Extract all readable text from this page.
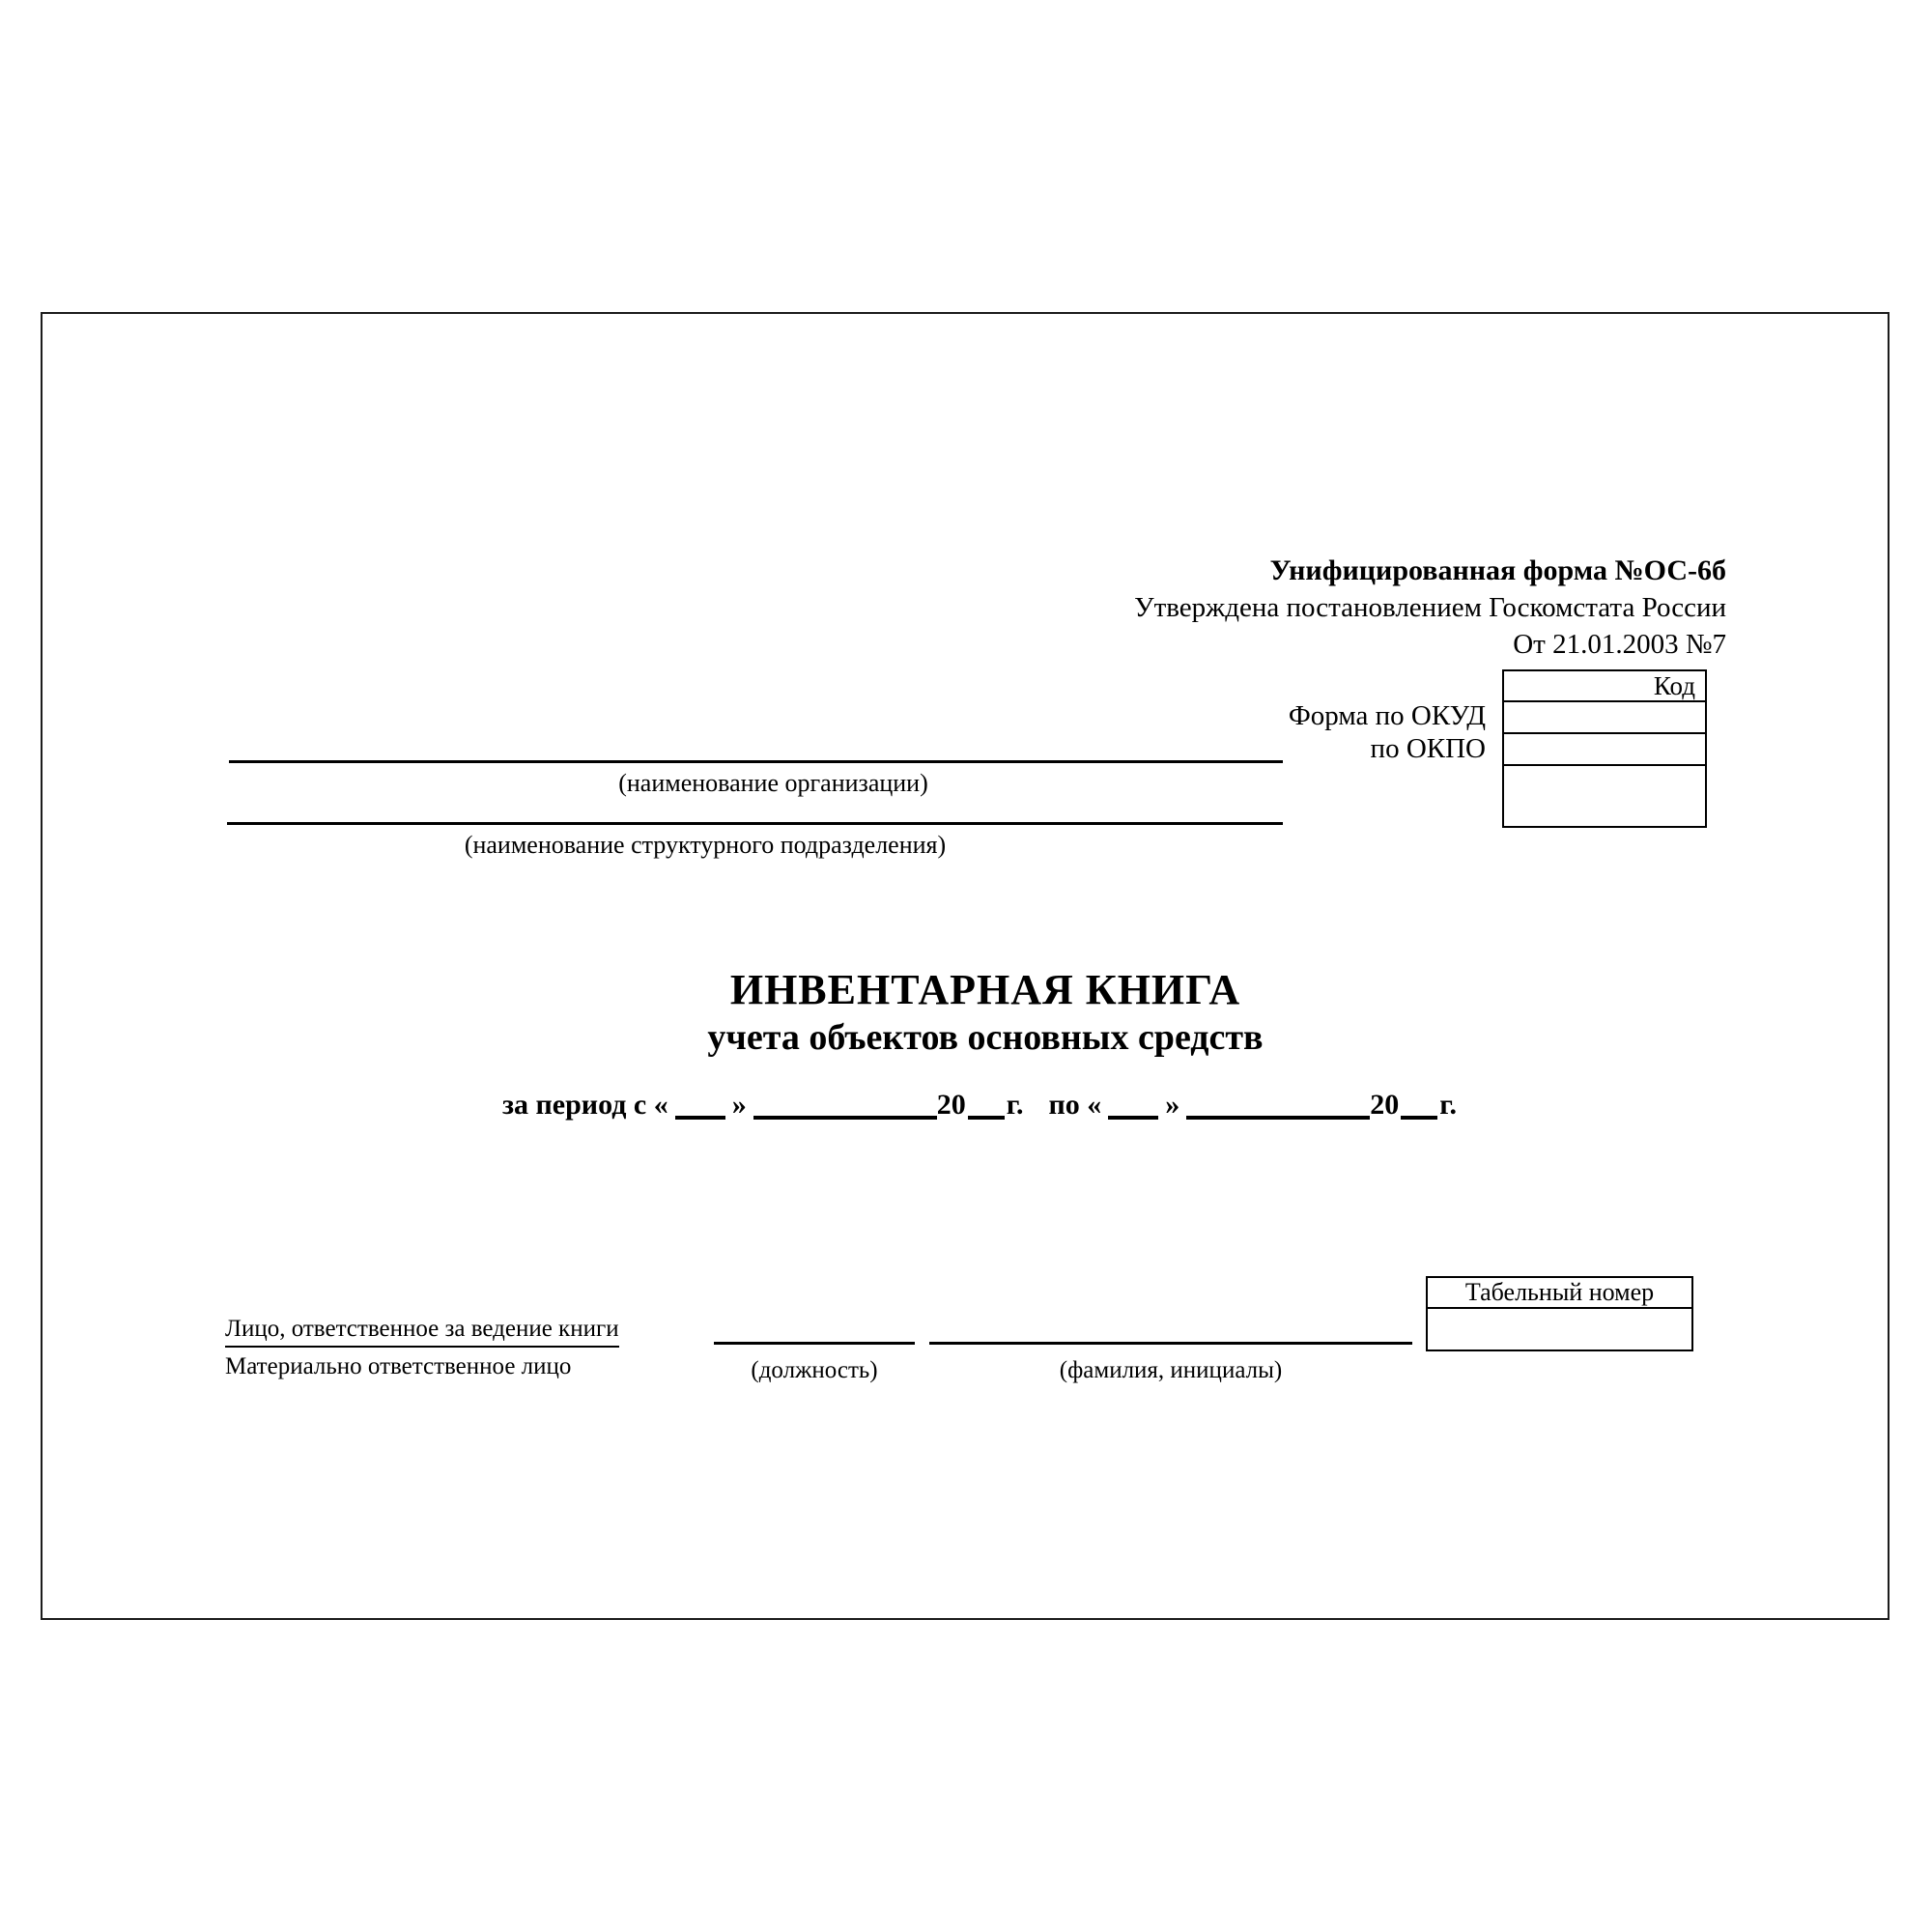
Унифицированная форма №ОС-6б
Утверждена постановлением Госкомстата России
От 21.01.2003 №7
Форма по ОКУД
по ОКПО
Код
(наименование организации)
(наименование структурного подразделения)
ИНВЕНТАРНАЯ КНИГА
учета объектов основных средств
за период с « »	20 г. по « »	20 г.
Табельный номер
Лицо, ответственное за ведение книги
Материально ответственное лицо	(должность)	(фамилия, инициалы)
